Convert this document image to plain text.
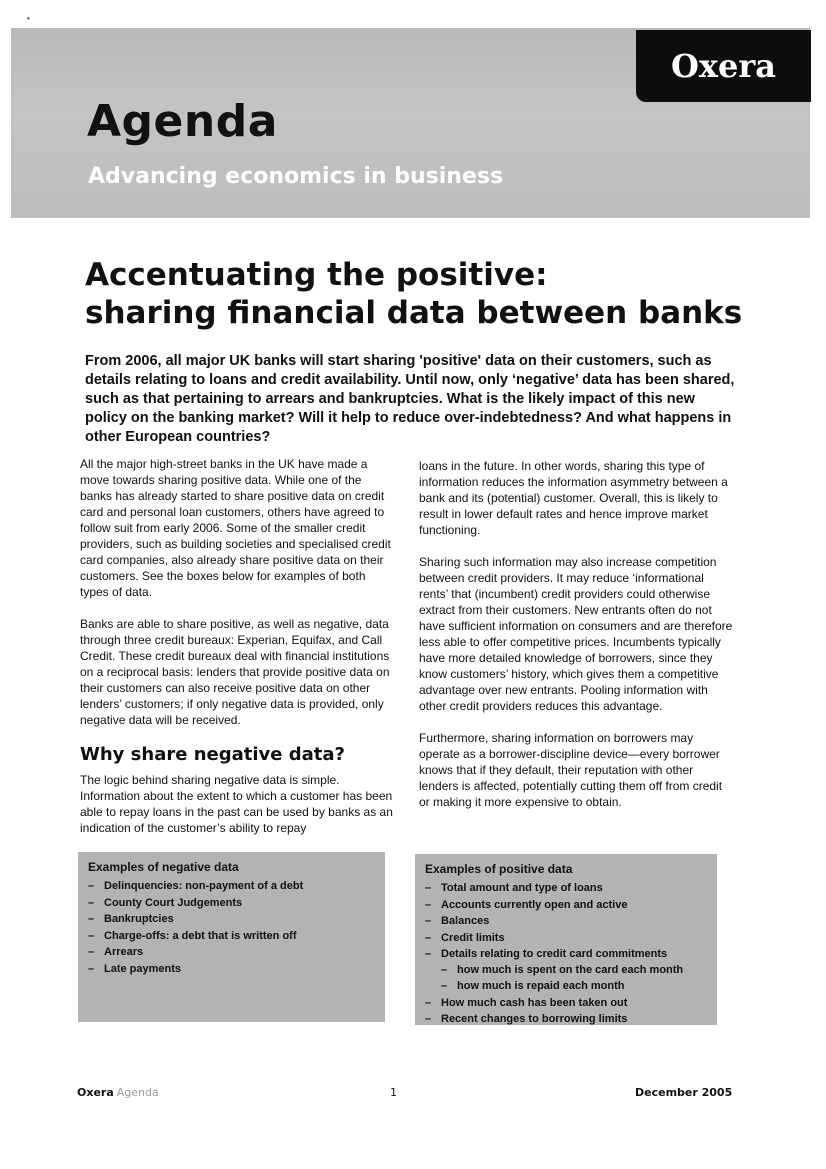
•
Oxera
Agenda

Advancing economics in business

Accentuating the positive:
sharing financial data between banks

From 2006, all major UK banks will start sharing 'positive' data on their customers, such as details relating to loans and credit availability. Until now, only ‘negative’ data has been shared, such as that pertaining to arrears and bankruptcies. What is the likely impact of this new policy on the banking market? Will it help to reduce over-indebtedness? And what happens in other European countries?

All the major high-street banks in the UK have made a move towards sharing positive data. While one of the banks has already started to share positive data on credit card and personal loan customers, others have agreed to follow suit from early 2006. Some of the smaller credit providers, such as building societies and specialised credit card companies, also already share positive data on their customers. See the boxes below for examples of both types of data.

Banks are able to share positive, as well as negative, data through three credit bureaux: Experian, Equifax, and Call Credit. These credit bureaux deal with financial institutions on a reciprocal basis: lenders that provide positive data on their customers can also receive positive data on other lenders’ customers; if only negative data is provided, only negative data will be received.

Why share negative data?

The logic behind sharing negative data is simple. Information about the extent to which a customer has been able to repay loans in the past can be used by banks as an indication of the customer’s ability to repay

loans in the future. In other words, sharing this type of information reduces the information asymmetry between a bank and its (potential) customer. Overall, this is likely to result in lower default rates and hence improve market functioning.

Sharing such information may also increase competition between credit providers. It may reduce ‘informational rents’ that (incumbent) credit providers could otherwise extract from their customers. New entrants often do not have sufficient information on consumers and are therefore less able to offer competitive prices. Incumbents typically have more detailed knowledge of borrowers, since they know customers’ history, which gives them a competitive advantage over new entrants. Pooling information with other credit providers reduces this advantage.

Furthermore, sharing information on borrowers may operate as a borrower-discipline device—every borrower knows that if they default, their reputation with other lenders is affected, potentially cutting them off from credit or making it more expensive to obtain.

Examples of negative data
– Delinquencies: non-payment of a debt
– County Court Judgements
– Bankruptcies
– Charge-offs: a debt that is written off
– Arrears
– Late payments
Examples of positive data
– Total amount and type of loans
– Accounts currently open and active
– Balances
– Credit limits
– Details relating to credit card commitments
– how much is spent on the card each month
– how much is repaid each month
– How much cash has been taken out
– Recent changes to borrowing limits
Oxera Agenda	1	December 2005
